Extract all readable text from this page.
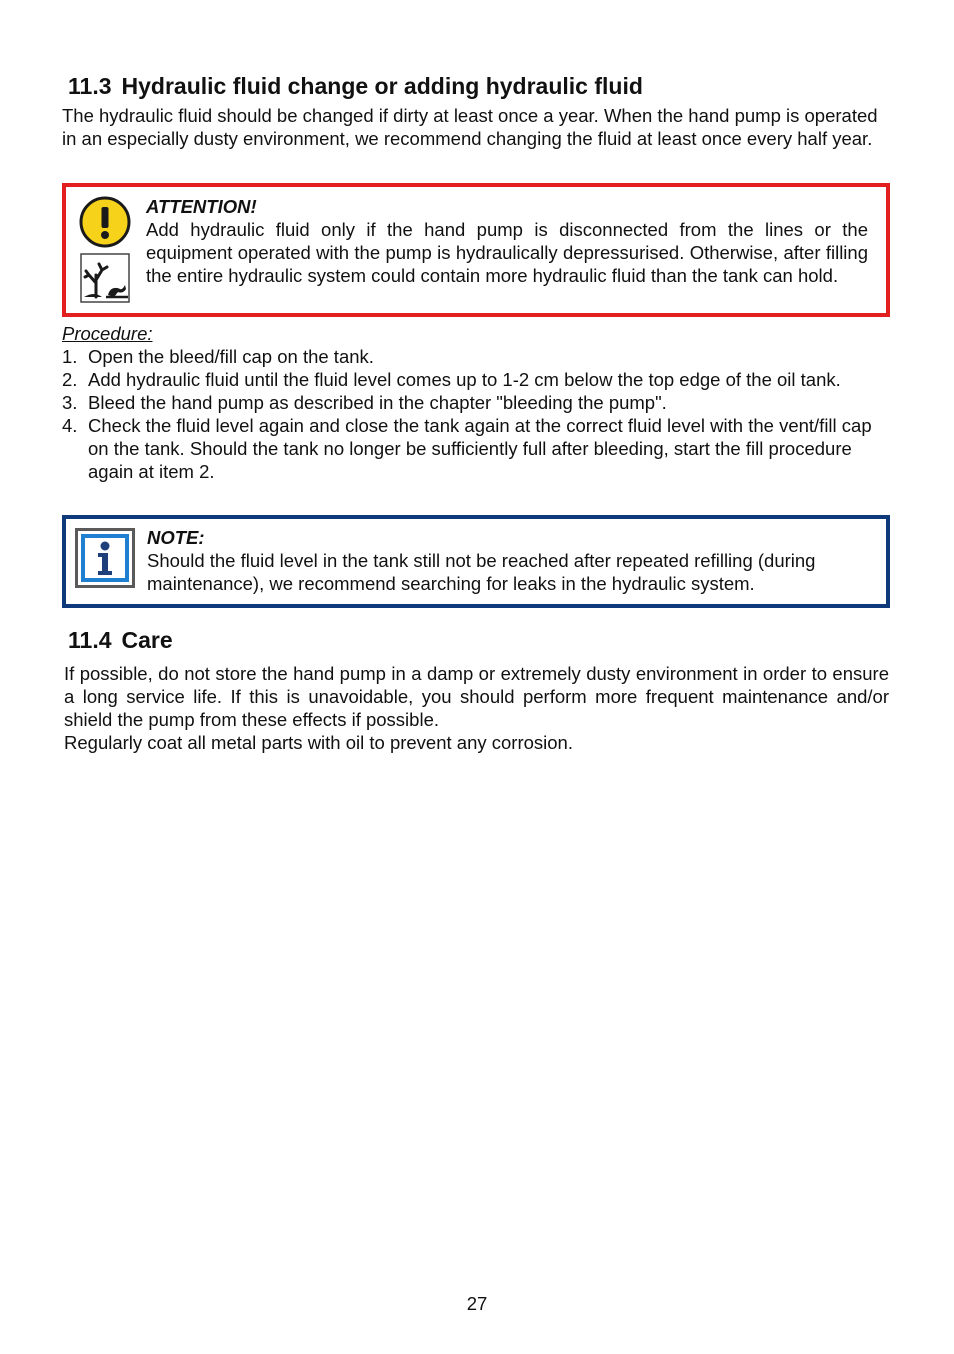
11.3 Hydraulic fluid change or adding hydraulic fluid

The hydraulic fluid should be changed if dirty at least once a year. When the hand pump is operated in an especially dusty environment, we recommend changing the fluid at least once every half year.

ATTENTION!
Add hydraulic fluid only if the hand pump is disconnected from the lines or the equipment operated with the pump is hydraulically depressurised. Otherwise, after filling the entire hydraulic system could contain more hydraulic fluid than the tank can hold.
Procedure:
1. Open the bleed/fill cap on the tank.
2. Add hydraulic fluid until the fluid level comes up to 1-2 cm below the top edge of the oil tank.
3. Bleed the hand pump as described in the chapter "bleeding the pump".
4. Check the fluid level again and close the tank again at the correct fluid level with the vent/fill cap on the tank. Should the tank no longer be sufficiently full after bleeding, start the fill procedure again at item 2.
NOTE:
Should the fluid level in the tank still not be reached after repeated refilling (during maintenance), we recommend searching for leaks in the hydraulic system.
11.4 Care

If possible, do not store the hand pump in a damp or extremely dusty environment in order to ensure a long service life. If this is unavoidable, you should perform more frequent maintenance and/or shield the pump from these effects if possible.

Regularly coat all metal parts with oil to prevent any corrosion.

27
